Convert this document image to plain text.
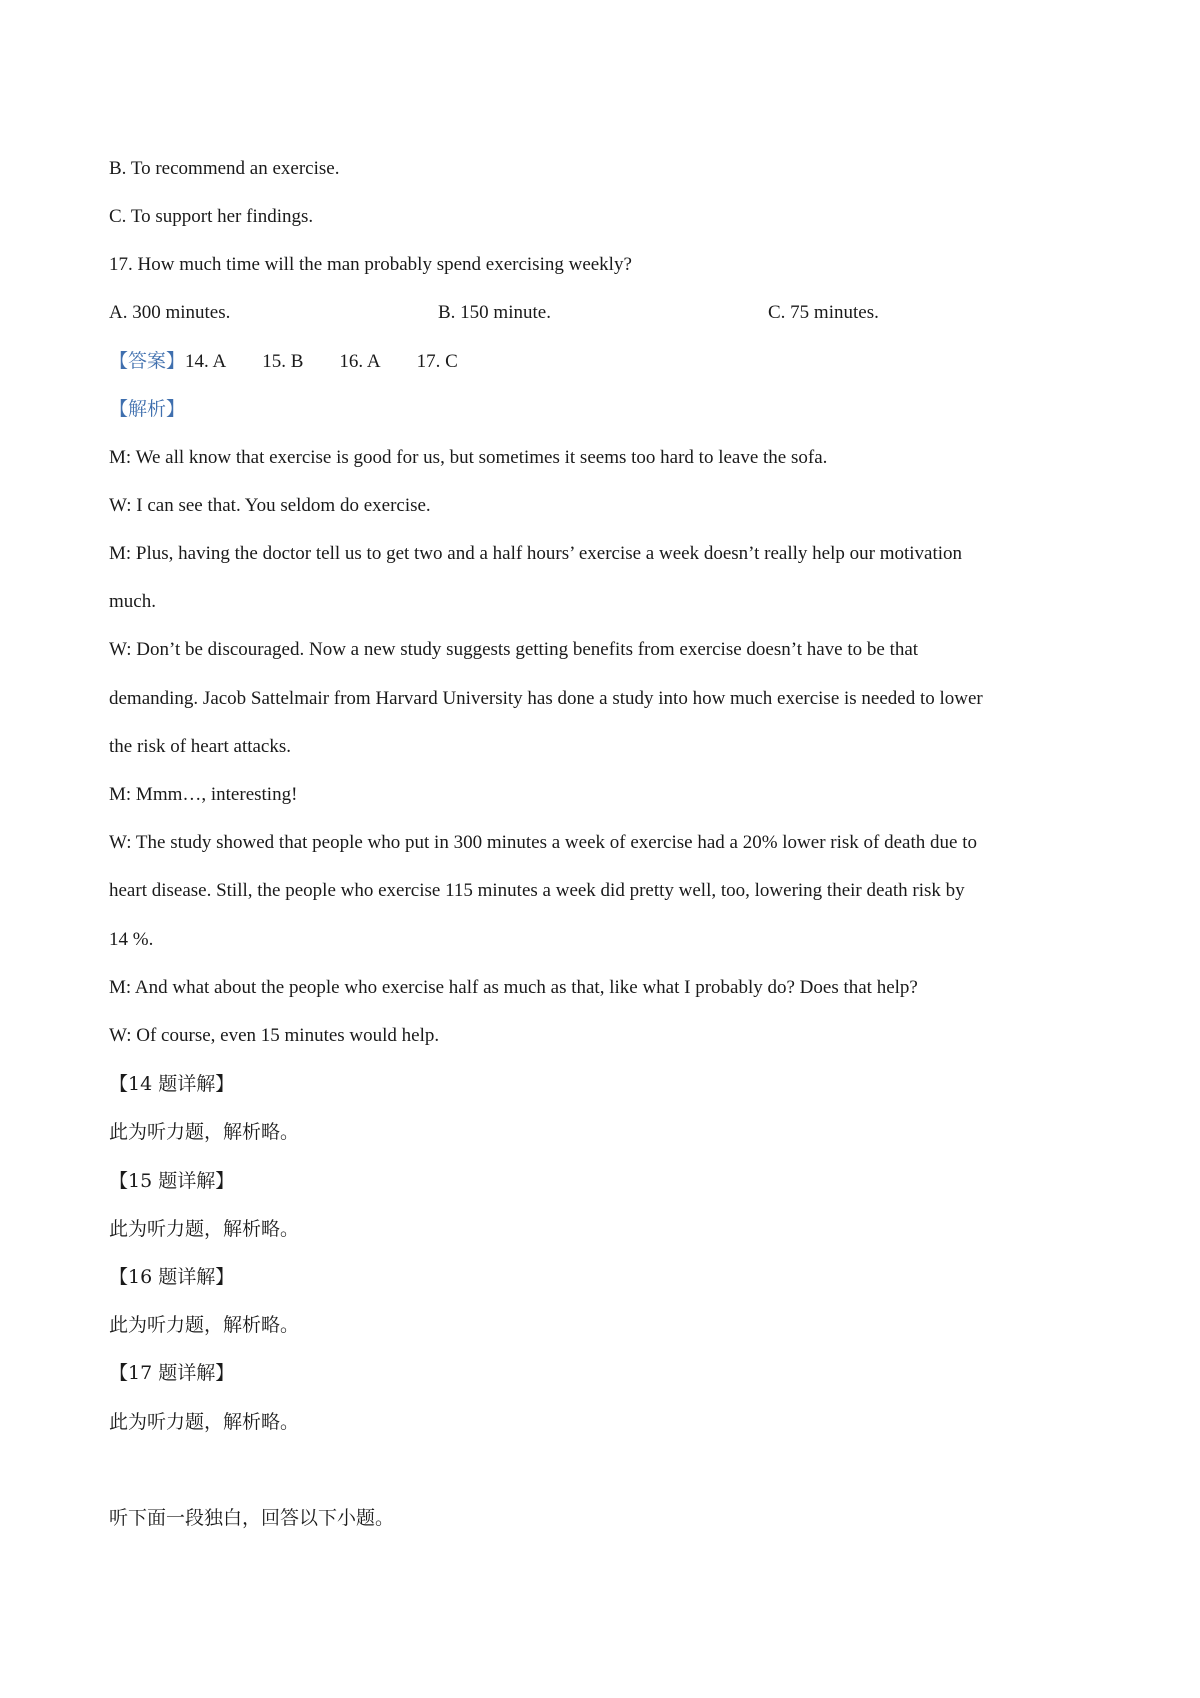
B. To recommend an exercise.
C. To support her findings.
17. How much time will the man probably spend exercising weekly?
A. 300 minutes.	B. 150 minute.	C. 75 minutes.
【答案】14. A 15. B 16. A 17. C
【解析】
M: We all know that exercise is good for us, but sometimes it seems too hard to leave the sofa.
W: I can see that. You seldom do exercise.
M: Plus, having the doctor tell us to get two and a half hours’ exercise a week doesn’t really help our motivation
much.
W: Don’t be discouraged. Now a new study suggests getting benefits from exercise doesn’t have to be that
demanding. Jacob Sattelmair from Harvard University has done a study into how much exercise is needed to lower
the risk of heart attacks.
M: Mmm…, interesting!
W: The study showed that people who put in 300 minutes a week of exercise had a 20% lower risk of death due to
heart disease. Still, the people who exercise 115 minutes a week did pretty well, too, lowering their death risk by
14 %.
M: And what about the people who exercise half as much as that, like what I probably do? Does that help?
W: Of course, even 15 minutes would help.
【14 题详解】
此为听力题，解析略。
【15 题详解】
此为听力题，解析略。
【16 题详解】
此为听力题，解析略。
【17 题详解】
此为听力题，解析略。
听下面一段独白，回答以下小题。
